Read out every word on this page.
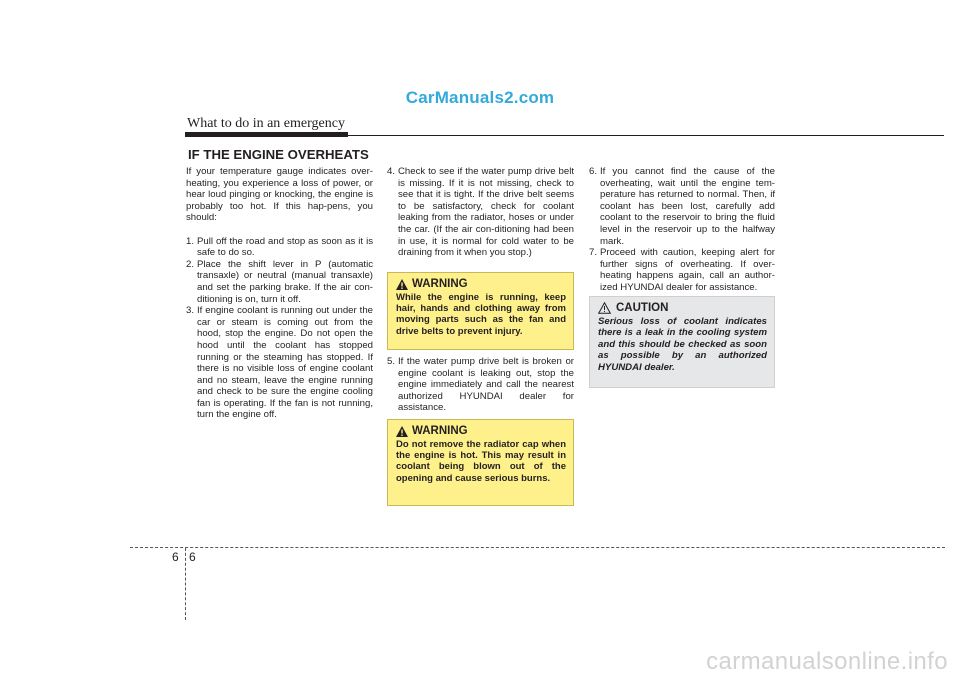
CarManuals2.com
What to do in an emergency
IF THE ENGINE OVERHEATS

If your temperature gauge indicates over-heating, you experience a loss of power, or hear loud pinging or knocking, the engine is probably too hot. If this hap-pens, you should:

1. Pull off the road and stop as soon as it is safe to do so.
2. Place the shift lever in P (automatic transaxle) or neutral (manual transaxle) and set the parking brake. If the air con-ditioning is on, turn it off.
3. If engine coolant is running out under the car or steam is coming out from the hood, stop the engine. Do not open the hood until the coolant has stopped running or the steaming has stopped. If there is no visible loss of engine coolant and no steam, leave the engine running and check to be sure the engine cooling fan is operating. If the fan is not running, turn the engine off.
4. Check to see if the water pump drive belt is missing. If it is not missing, check to see that it is tight. If the drive belt seems to be satisfactory, check for coolant leaking from the radiator, hoses or under the car. (If the air con-ditioning had been in use, it is normal for cold water to be draining from it when you stop.)
WARNING
While the engine is running, keep hair, hands and clothing away from moving parts such as the fan and drive belts to prevent injury.
5. If the water pump drive belt is broken or engine coolant is leaking out, stop the engine immediately and call the nearest authorized HYUNDAI dealer for assistance.
WARNING
Do not remove the radiator cap when the engine is hot. This may result in coolant being blown out of the opening and cause serious burns.
6. If you cannot find the cause of the overheating, wait until the engine tem-perature has returned to normal. Then, if coolant has been lost, carefully add coolant to the reservoir to bring the fluid level in the reservoir up to the halfway mark.
7. Proceed with caution, keeping alert for further signs of overheating. If over-heating happens again, call an author-ized HYUNDAI dealer for assistance.
CAUTION
Serious loss of coolant indicates there is a leak in the cooling system and this should be checked as soon as possible by an authorized HYUNDAI dealer.
6 6
carmanualsonline.info
